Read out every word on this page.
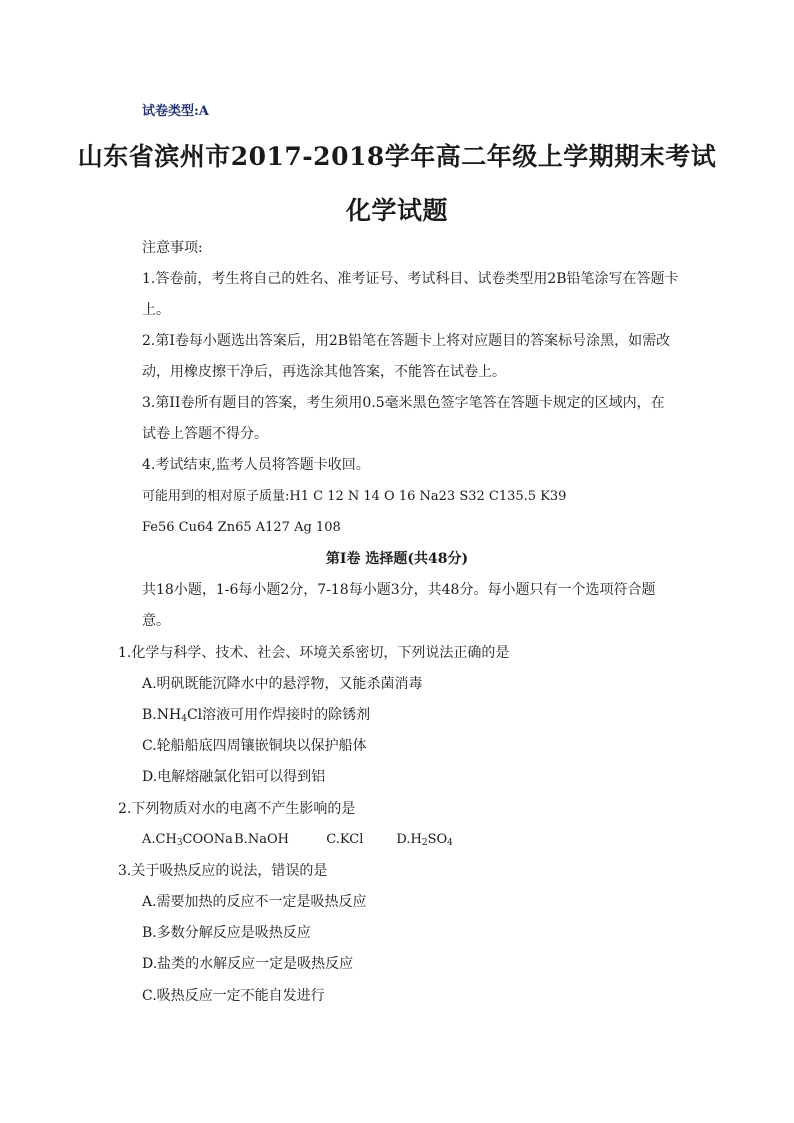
试卷类型:A
山东省滨州市2017-2018学年高二年级上学期期末考试
化学试题
注意事项:
1.答卷前，考生将自己的姓名、准考证号、考试科目、试卷类型用2B铅笔涂写在答题卡
上。
2.第Ⅰ卷每小题选出答案后，用2B铅笔在答题卡上将对应题目的答案标号涂黑，如需改
动，用橡皮擦干净后，再选涂其他答案，不能答在试卷上。
3.第II卷所有题目的答案，考生须用0.5毫米黑色签字笔答在答题卡规定的区域内，在
试卷上答题不得分。
4.考试结束,监考人员将答题卡收回。
可能用到的相对原子质量:H1 C 12 N 14 O 16 Na23 S32 C135.5 K39
Fe56 Cu64 Zn65 A127 Ag 108
第Ⅰ卷 选择题(共48分)
共18小题，1-6每小题2分，7-18每小题3分，共48分。每小题只有一个选项符合题
意。
1.化学与科学、技术、社会、环境关系密切，下列说法正确的是
A.明矾既能沉降水中的悬浮物，又能杀菌消毒
$B.NH_4Cl$溶液可用作焊接时的除锈剂
C.轮船船底四周镶嵌铜块以保护船体
D.电解熔融氯化铝可以得到铝
2.下列物质对水的电离不产生影响的是
$A.CH_3COONa$ B.NaOH	C.KCl	$D.H_2SO_4$
3.关于吸热反应的说法，错误的是
A.需要加热的反应不一定是吸热反应
B.多数分解反应是吸热反应
D.盐类的水解反应一定是吸热反应
C.吸热反应一定不能自发进行
